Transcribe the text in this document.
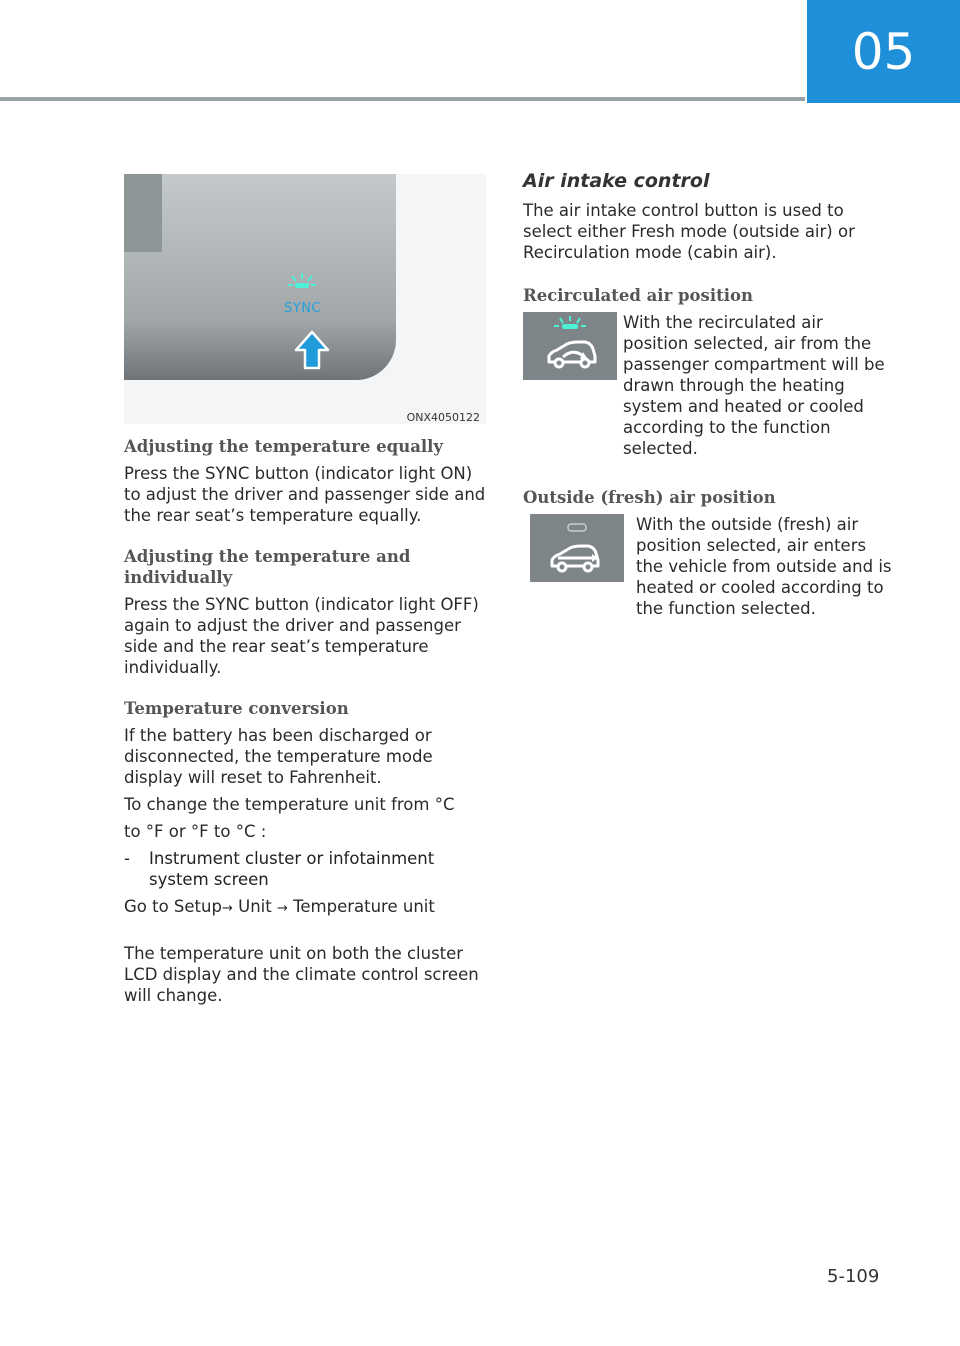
05
SYNC
ONX4050122
Adjusting the temperature equally

Press the SYNC button (indicator light ON) to adjust the driver and passenger side and the rear seat’s temperature equally.

Adjusting the temperature and individually

Press the SYNC button (indicator light OFF) again to adjust the driver and passenger side and the rear seat’s temperature individually.

Temperature conversion

If the battery has been discharged or disconnected, the temperature mode display will reset to Fahrenheit.

To change the temperature unit from °C

to °F or °F to °C :

-	Instrument cluster or infotainment system screen

Go to Setup→ Unit → Temperature unit

The temperature unit on both the cluster LCD display and the climate control screen will change.

Air intake control

The air intake control button is used to select either Fresh mode (outside air) or Recirculation mode (cabin air).

Recirculated air position

With the recirculated air position selected, air from the passenger compartment will be drawn through the heating system and heated or cooled according to the function selected.

Outside (fresh) air position

With the outside (fresh) air position selected, air enters the vehicle from outside and is heated or cooled according to the function selected.

5-109
